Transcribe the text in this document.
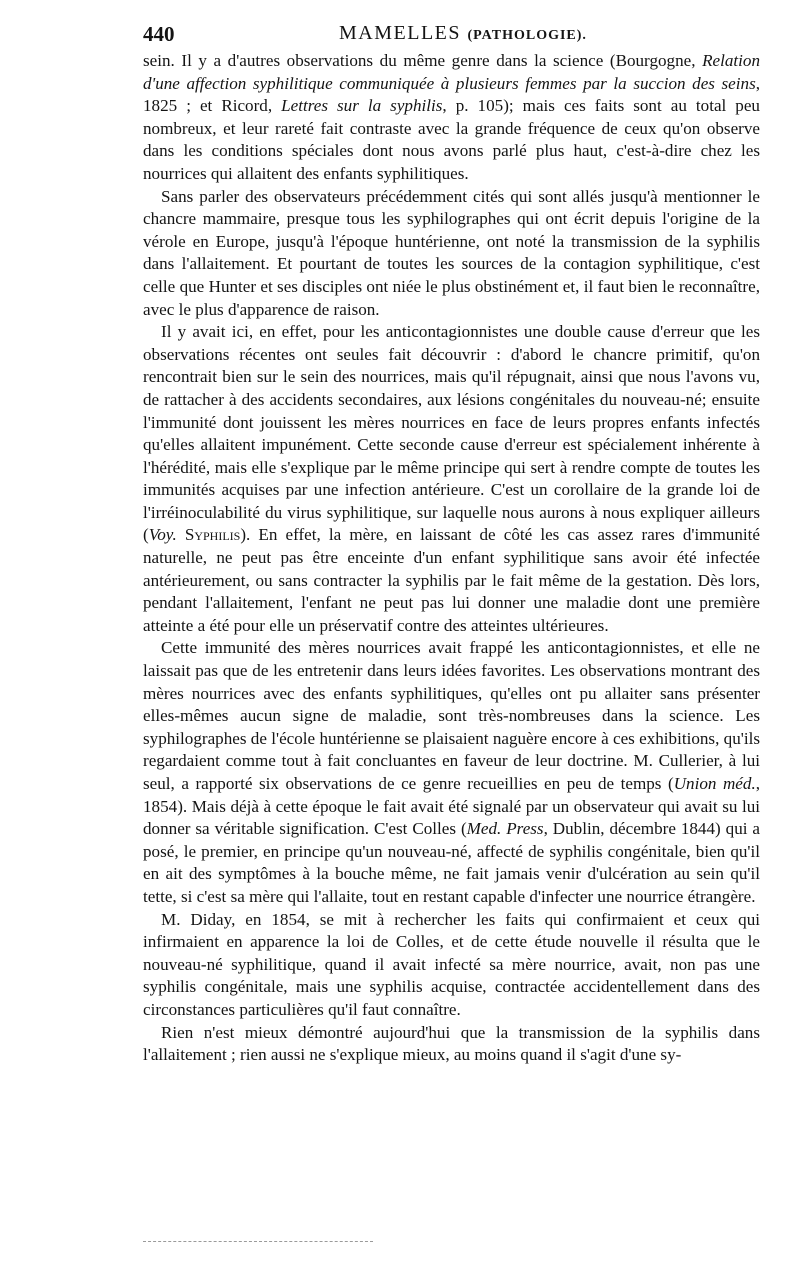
440	MAMELLES (PATHOLOGIE).

sein. Il y a d'autres observations du même genre dans la science (Bourgogne, Relation d'une affection syphilitique communiquée à plusieurs femmes par la succion des seins, 1825 ; et Ricord, Lettres sur la syphilis, p. 105); mais ces faits sont au total peu nombreux, et leur rareté fait contraste avec la grande fréquence de ceux qu'on observe dans les conditions spéciales dont nous avons parlé plus haut, c'est-à-dire chez les nourrices qui allaitent des enfants syphilitiques.

Sans parler des observateurs précédemment cités qui sont allés jusqu'à mentionner le chancre mammaire, presque tous les syphilographes qui ont écrit depuis l'origine de la vérole en Europe, jusqu'à l'époque huntérienne, ont noté la transmission de la syphilis dans l'allaitement. Et pourtant de toutes les sources de la contagion syphilitique, c'est celle que Hunter et ses disciples ont niée le plus obstinément et, il faut bien le reconnaître, avec le plus d'apparence de raison.

Il y avait ici, en effet, pour les anticontagionnistes une double cause d'erreur que les observations récentes ont seules fait découvrir : d'abord le chancre primitif, qu'on rencontrait bien sur le sein des nourrices, mais qu'il répugnait, ainsi que nous l'avons vu, de rattacher à des accidents secondaires, aux lésions congénitales du nouveau-né; ensuite l'immunité dont jouissent les mères nourrices en face de leurs propres enfants infectés qu'elles allaitent impunément. Cette seconde cause d'erreur est spécialement inhérente à l'hérédité, mais elle s'explique par le même principe qui sert à rendre compte de toutes les immunités acquises par une infection antérieure. C'est un corollaire de la grande loi de l'irréinoculabilité du virus syphilitique, sur laquelle nous aurons à nous expliquer ailleurs (Voy. Syphilis). En effet, la mère, en laissant de côté les cas assez rares d'immunité naturelle, ne peut pas être enceinte d'un enfant syphilitique sans avoir été infectée antérieurement, ou sans contracter la syphilis par le fait même de la gestation. Dès lors, pendant l'allaitement, l'enfant ne peut pas lui donner une maladie dont une première atteinte a été pour elle un préservatif contre des atteintes ultérieures.

Cette immunité des mères nourrices avait frappé les anticontagionnistes, et elle ne laissait pas que de les entretenir dans leurs idées favorites. Les observations montrant des mères nourrices avec des enfants syphilitiques, qu'elles ont pu allaiter sans présenter elles-mêmes aucun signe de maladie, sont très-nombreuses dans la science. Les syphilographes de l'école huntérienne se plaisaient naguère encore à ces exhibitions, qu'ils regardaient comme tout à fait concluantes en faveur de leur doctrine. M. Cullerier, à lui seul, a rapporté six observations de ce genre recueillies en peu de temps (Union méd., 1854). Mais déjà à cette époque le fait avait été signalé par un observateur qui avait su lui donner sa véritable signification. C'est Colles (Med. Press, Dublin, décembre 1844) qui a posé, le premier, en principe qu'un nouveau-né, affecté de syphilis congénitale, bien qu'il en ait des symptômes à la bouche même, ne fait jamais venir d'ulcération au sein qu'il tette, si c'est sa mère qui l'allaite, tout en restant capable d'infecter une nourrice étrangère.

M. Diday, en 1854, se mit à rechercher les faits qui confirmaient et ceux qui infirmaient en apparence la loi de Colles, et de cette étude nouvelle il résulta que le nouveau-né syphilitique, quand il avait infecté sa mère nourrice, avait, non pas une syphilis congénitale, mais une syphilis acquise, contractée accidentellement dans des circonstances particulières qu'il faut connaître.

Rien n'est mieux démontré aujourd'hui que la transmission de la syphilis dans l'allaitement ; rien aussi ne s'explique mieux, au moins quand il s'agit d'une sy-
